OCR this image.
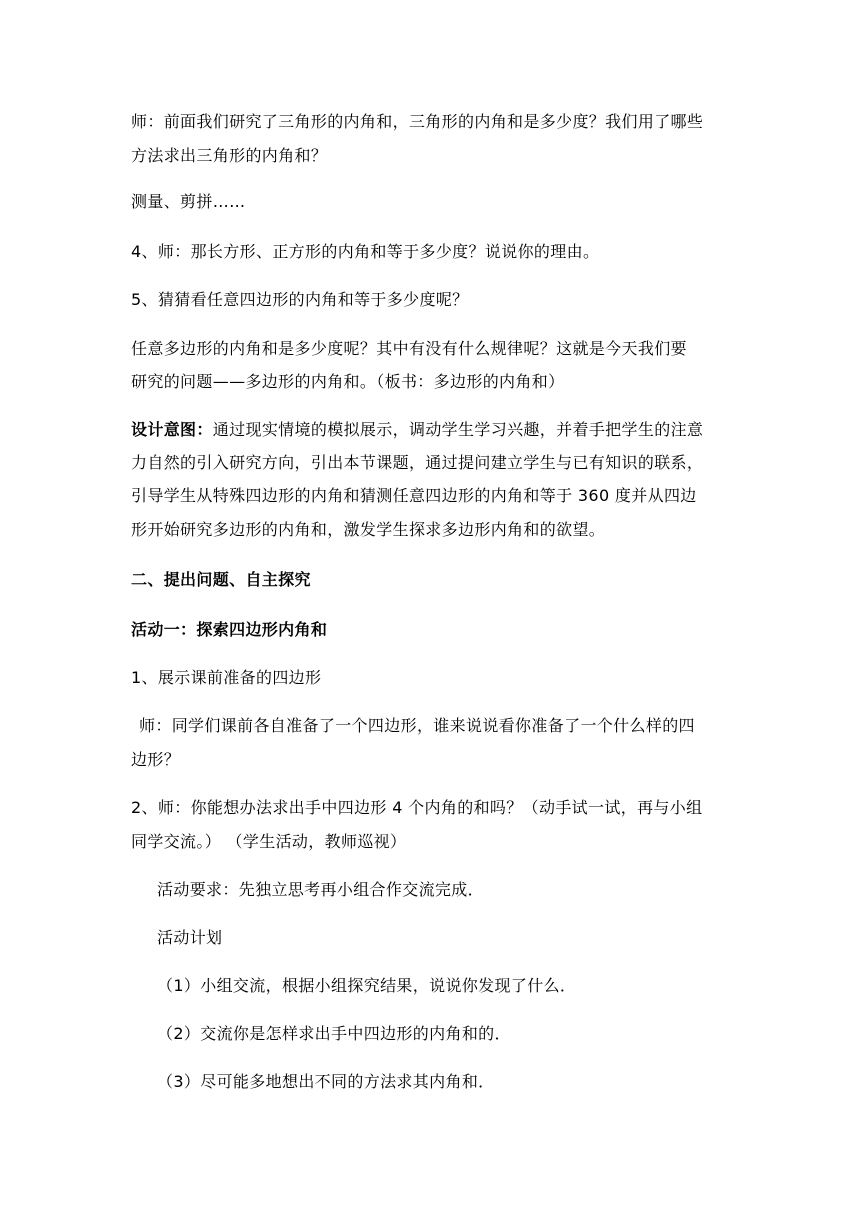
师：前面我们研究了三角形的内角和，三角形的内角和是多少度？我们用了哪些
方法求出三角形的内角和？
测量、剪拼……
4、师：那长方形、正方形的内角和等于多少度？说说你的理由。
5、猜猜看任意四边形的内角和等于多少度呢？
任意多边形的内角和是多少度呢？其中有没有什么规律呢？这就是今天我们要
研究的问题——多边形的内角和。（板书：多边形的内角和）
设计意图：通过现实情境的模拟展示，调动学生学习兴趣，并着手把学生的注意
力自然的引入研究方向，引出本节课题，通过提问建立学生与已有知识的联系，
引导学生从特殊四边形的内角和猜测任意四边形的内角和等于 360 度并从四边
形开始研究多边形的内角和，激发学生探求多边形内角和的欲望。
二、提出问题、自主探究
活动一：探索四边形内角和
1、展示课前准备的四边形
师：同学们课前各自准备了一个四边形，谁来说说看你准备了一个什么样的四
边形？
2、师：你能想办法求出手中四边形 4 个内角的和吗？（动手试一试，再与小组
同学交流。） （学生活动，教师巡视）
活动要求：先独立思考再小组合作交流完成．
活动计划
（1）小组交流，根据小组探究结果，说说你发现了什么．
（2）交流你是怎样求出手中四边形的内角和的．
（3）尽可能多地想出不同的方法求其内角和．
